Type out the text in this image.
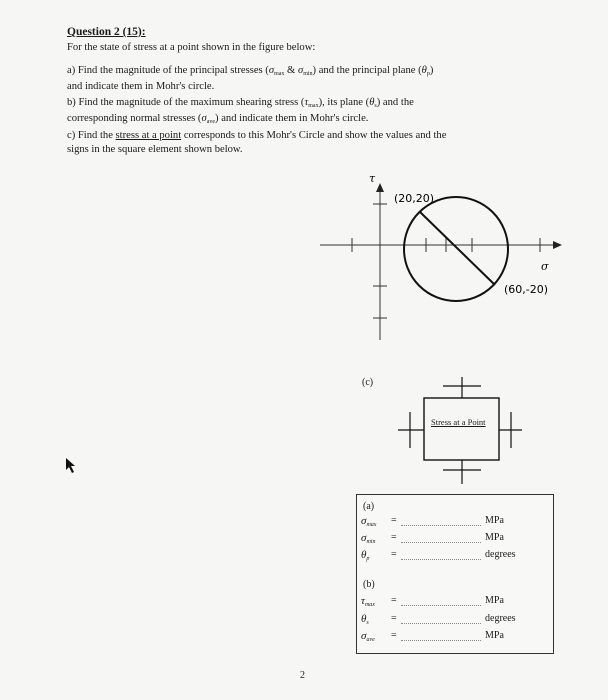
Question 2 (15):
For the state of stress at a point shown in the figure below:
a) Find the magnitude of the principal stresses ($\sigma_{max}$ & $\sigma_{min}$) and the principal plane $(\theta_p)$
and indicate them in Mohr's circle.
b) Find the magnitude of the maximum shearing stress $(\tau_{max})$, its plane $(\theta_s)$ and the
corresponding normal stresses $(\sigma_{ave})$ and indicate them in Mohr's circle.
c) Find the stress at a point corresponds to this Mohr's Circle and show the values and the
signs in the square element shown below.
τ
σ
(20,20)
(60,-20)
(c)
Stress at a Point
(a)
$\sigma_{max}$ =	MPa
$\sigma_{min}$ =	MPa
$\theta_p$ =	degrees
(b)
$\tau_{max}$ =	MPa
$\theta_s$ =	degrees
$\sigma_{ave}$ =	MPa
2
